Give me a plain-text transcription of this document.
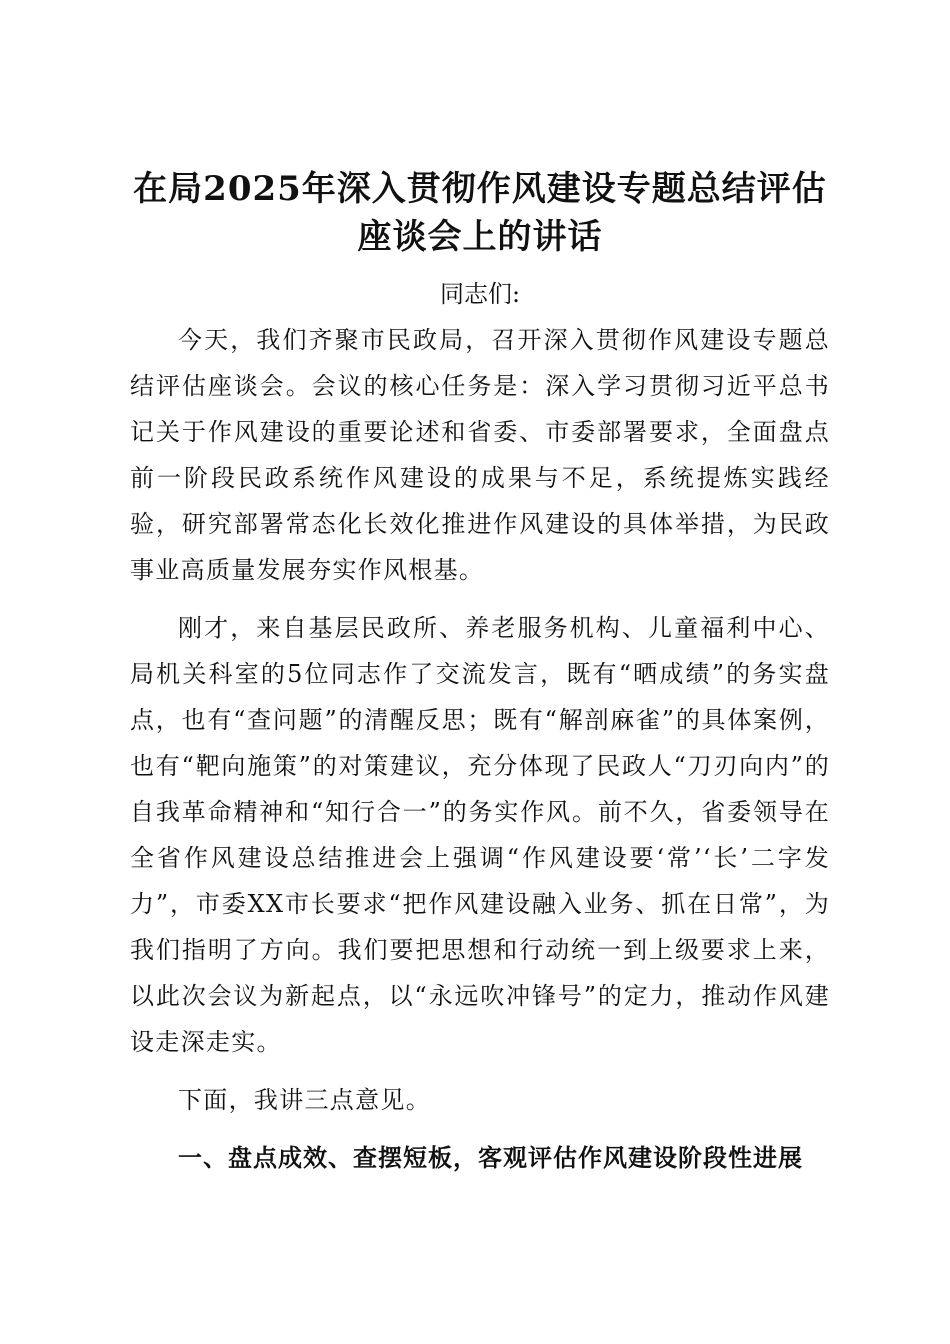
在局2025年深入贯彻作风建设专题总结评估
座谈会上的讲话

同志们:

今天，我们齐聚市民政局，召开深入贯彻作风建设专题总结评估座谈会。会议的核心任务是：深入学习贯彻习近平总书记关于作风建设的重要论述和省委、市委部署要求，全面盘点前一阶段民政系统作风建设的成果与不足，系统提炼实践经验，研究部署常态化长效化推进作风建设的具体举措，为民政事业高质量发展夯实作风根基。

刚才，来自基层民政所、养老服务机构、儿童福利中心、局机关科室的5位同志作了交流发言，既有“晒成绩”的务实盘点，也有“查问题”的清醒反思；既有“解剖麻雀”的具体案例，也有“靶向施策”的对策建议，充分体现了民政人“刀刃向内”的自我革命精神和“知行合一”的务实作风。前不久，省委领导在全省作风建设总结推进会上强调“作风建设要‘常’‘长’二字发力”，市委XX市长要求“把作风建设融入业务、抓在日常”，为我们指明了方向。我们要把思想和行动统一到上级要求上来，以此次会议为新起点，以“永远吹冲锋号”的定力，推动作风建设走深走实。

下面，我讲三点意见。

一、盘点成效、查摆短板，客观评估作风建设阶段性进展
